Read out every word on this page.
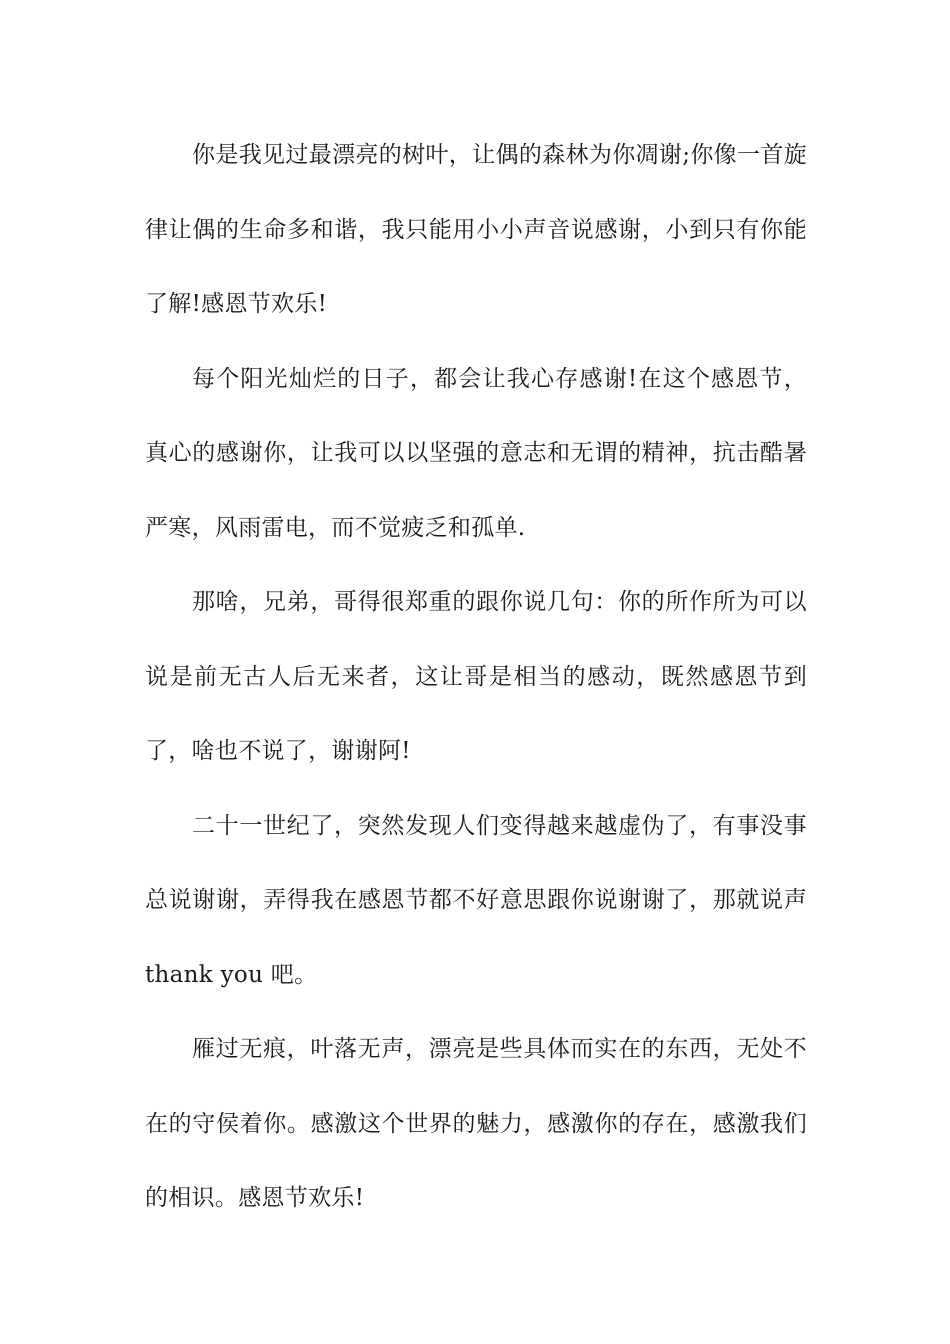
你是我见过最漂亮的树叶，让偶的森林为你凋谢;你像一首旋律让偶的生命多和谐，我只能用小小声音说感谢，小到只有你能了解!感恩节欢乐!

每个阳光灿烂的日子，都会让我心存感谢!在这个感恩节，真心的感谢你，让我可以以坚强的意志和无谓的精神，抗击酷暑严寒，风雨雷电，而不觉疲乏和孤单.

那啥，兄弟，哥得很郑重的跟你说几句：你的所作所为可以说是前无古人后无来者，这让哥是相当的感动，既然感恩节到了，啥也不说了，谢谢阿!

二十一世纪了，突然发现人们变得越来越虚伪了，有事没事总说谢谢，弄得我在感恩节都不好意思跟你说谢谢了，那就说声 thank you 吧。

雁过无痕，叶落无声，漂亮是些具体而实在的东西，无处不在的守侯着你。感激这个世界的魅力，感激你的存在，感激我们的相识。感恩节欢乐!
